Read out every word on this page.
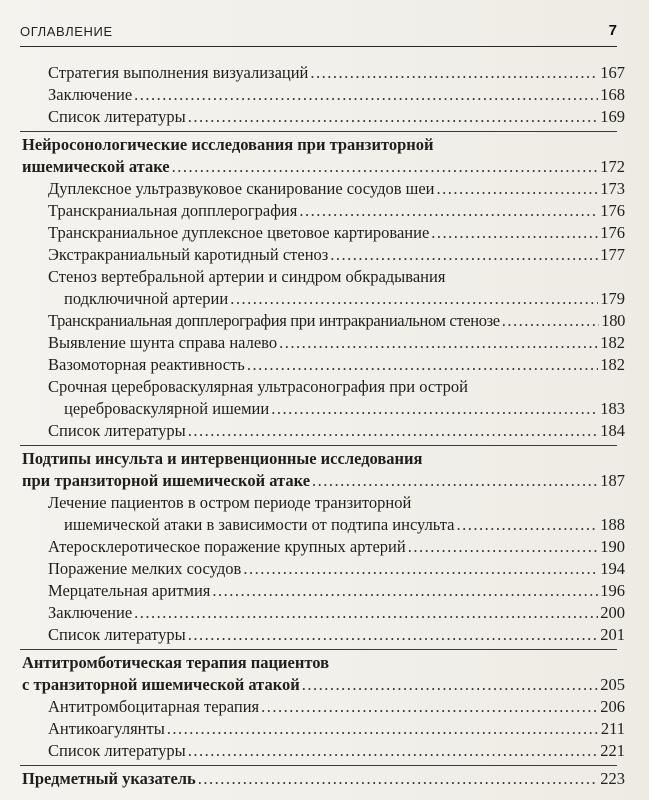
ОГЛАВЛЕНИЕ	7
Стратегия выполнения визуализаций .....	167
Заключение .....	168
Список литературы .....	169
Нейросонологические исследования при транзиторной
ишемической атаке .....	172
Дуплексное ультразвуковое сканирование сосудов шеи .....	173
Транскраниальная допплерография .....	176
Транскраниальное дуплексное цветовое картирование .....	176
Экстракраниальный каротидный стеноз .....	177
Стеноз вертебральной артерии и синдром обкрадывания
подключичной артерии .....	179
Транскраниальная допплерография при интракраниальном стенозе .....	180
Выявление шунта справа налево .....	182
Вазомоторная реактивность .....	182
Срочная цереброваскулярная ультрасонография при острой
цереброваскулярной ишемии .....	183
Список литературы .....	184
Подтипы инсульта и интервенционные исследования
при транзиторной ишемической атаке .....	187
Лечение пациентов в остром периоде транзиторной
ишемической атаки в зависимости от подтипа инсульта .....	188
Атеросклеротическое поражение крупных артерий .....	190
Поражение мелких сосудов .....	194
Мерцательная аритмия .....	196
Заключение .....	200
Список литературы .....	201
Антитромботическая терапия пациентов
с транзиторной ишемической атакой .....	205
Антитромбоцитарная терапия .....	206
Антикоагулянты .....	211
Список литературы .....	221
Предметный указатель .....	223
